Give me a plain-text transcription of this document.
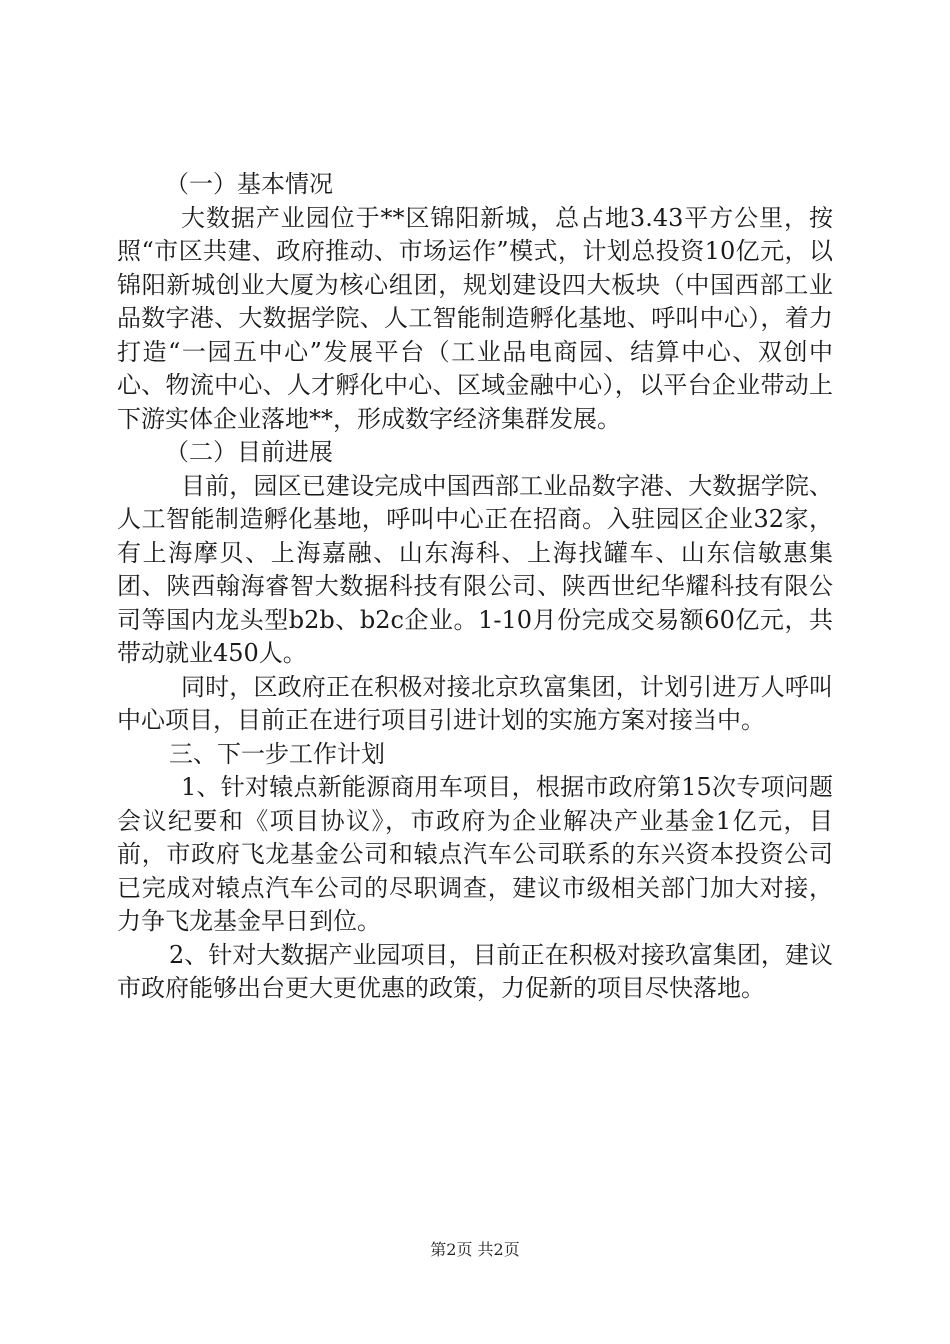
（一）基本情况

大数据产业园位于**区锦阳新城，总占地3.43平方公里，按照“市区共建、政府推动、市场运作”模式，计划总投资10亿元，以锦阳新城创业大厦为核心组团，规划建设四大板块（中国西部工业品数字港、大数据学院、人工智能制造孵化基地、呼叫中心），着力打造“一园五中心”发展平台（工业品电商园、结算中心、双创中心、物流中心、人才孵化中心、区域金融中心），以平台企业带动上下游实体企业落地**，形成数字经济集群发展。

（二）目前进展

目前，园区已建设完成中国西部工业品数字港、大数据学院、人工智能制造孵化基地，呼叫中心正在招商。入驻园区企业32家，有上海摩贝、上海嘉融、山东海科、上海找罐车、山东信敏惠集团、陕西翰海睿智大数据科技有限公司、陕西世纪华耀科技有限公司等国内龙头型b2b、b2c企业。1-10月份完成交易额60亿元，共带动就业450人。

同时，区政府正在积极对接北京玖富集团，计划引进万人呼叫中心项目，目前正在进行项目引进计划的实施方案对接当中。

三、下一步工作计划

1、针对辕点新能源商用车项目，根据市政府第15次专项问题会议纪要和《项目协议》，市政府为企业解决产业基金1亿元，目前，市政府飞龙基金公司和辕点汽车公司联系的东兴资本投资公司已完成对辕点汽车公司的尽职调查，建议市级相关部门加大对接，力争飞龙基金早日到位。

2、针对大数据产业园项目，目前正在积极对接玖富集团，建议市政府能够出台更大更优惠的政策，力促新的项目尽快落地。

第2页 共2页
